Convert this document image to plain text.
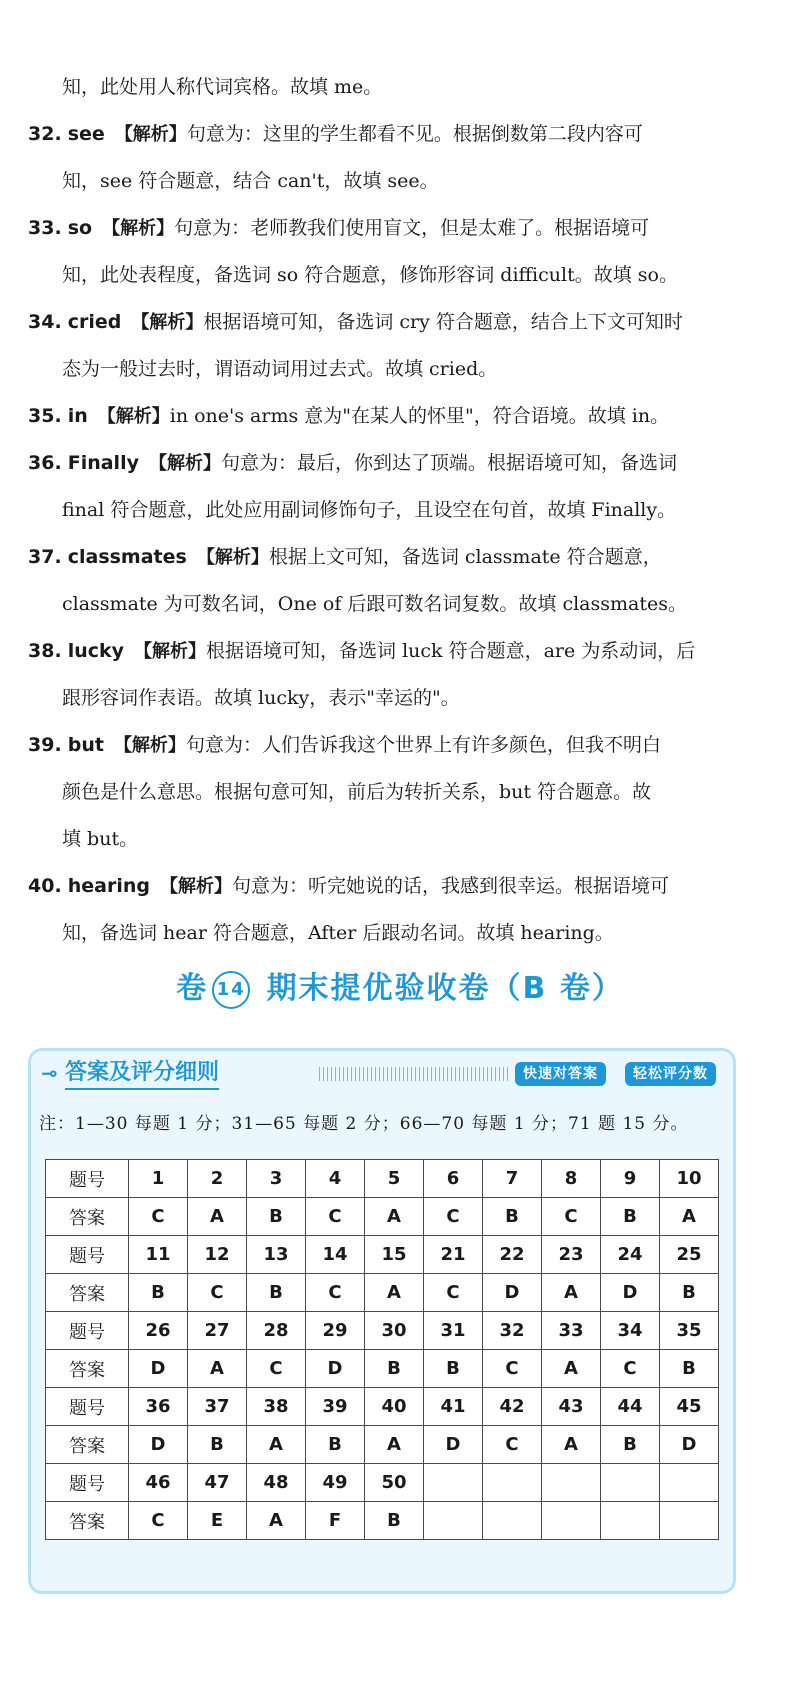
知，此处用人称代词宾格。故填 me。
32. see 【解析】句意为：这里的学生都看不见。根据倒数第二段内容可
知，see 符合题意，结合 can't，故填 see。
33. so 【解析】句意为：老师教我们使用盲文，但是太难了。根据语境可
知，此处表程度，备选词 so 符合题意，修饰形容词 difficult。故填 so。
34. cried 【解析】根据语境可知，备选词 cry 符合题意，结合上下文可知时
态为一般过去时，谓语动词用过去式。故填 cried。
35. in 【解析】in one's arms 意为"在某人的怀里"，符合语境。故填 in。
36. Finally 【解析】句意为：最后，你到达了顶端。根据语境可知，备选词
final 符合题意，此处应用副词修饰句子，且设空在句首，故填 Finally。
37. classmates 【解析】根据上文可知，备选词 classmate 符合题意，
classmate 为可数名词，One of 后跟可数名词复数。故填 classmates。
38. lucky 【解析】根据语境可知，备选词 luck 符合题意，are 为系动词，后
跟形容词作表语。故填 lucky，表示"幸运的"。
39. but 【解析】句意为：人们告诉我这个世界上有许多颜色，但我不明白
颜色是什么意思。根据句意可知，前后为转折关系，but 符合题意。故
填 but。
40. hearing 【解析】句意为：听完她说的话，我感到很幸运。根据语境可
知，备选词 hear 符合题意，After 后跟动名词。故填 hearing。
卷 14 期末提优验收卷（B 卷）
⊸ 答案及评分细则	快速对答案	轻松评分数
注：1—30 每题 1 分；31—65 每题 2 分；66—70 每题 1 分；71 题 15 分。
题号	1	2	3	4	5	6	7	8	9	10
答案	C	A	B	C	A	C	B	C	B	A
题号	11	12	13	14	15	21	22	23	24	25
答案	B	C	B	C	A	C	D	A	D	B
题号	26	27	28	29	30	31	32	33	34	35
答案	D	A	C	D	B	B	C	A	C	B
题号	36	37	38	39	40	41	42	43	44	45
答案	D	B	A	B	A	D	C	A	B	D
题号	46	47	48	49	50					
答案	C	E	A	F	B					
